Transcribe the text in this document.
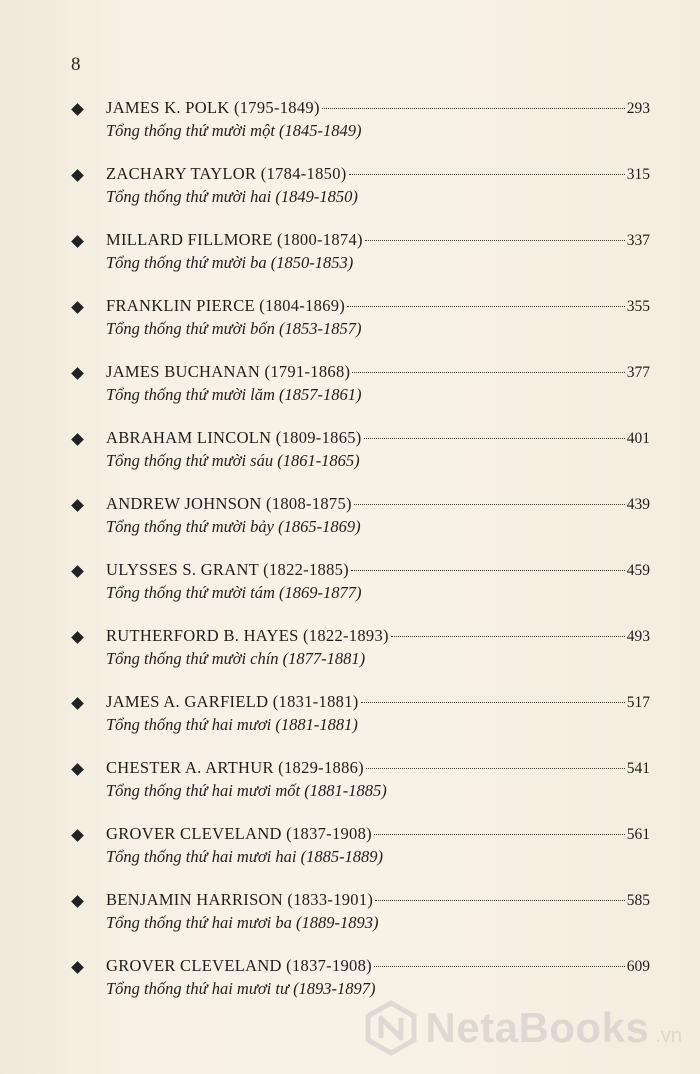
8
JAMES K. POLK (1795-1849)	293
Tổng thống thứ mười một (1845-1849)
ZACHARY TAYLOR (1784-1850)	315
Tổng thống thứ mười hai (1849-1850)
MILLARD FILLMORE (1800-1874)	337
Tổng thống thứ mười ba (1850-1853)
FRANKLIN PIERCE (1804-1869)	355
Tổng thống thứ mười bốn (1853-1857)
JAMES BUCHANAN (1791-1868)	377
Tổng thống thứ mười lăm (1857-1861)
ABRAHAM LINCOLN (1809-1865)	401
Tổng thống thứ mười sáu (1861-1865)
ANDREW JOHNSON (1808-1875)	439
Tổng thống thứ mười bảy (1865-1869)
ULYSSES S. GRANT (1822-1885)	459
Tổng thống thứ mười tám (1869-1877)
RUTHERFORD B. HAYES (1822-1893)	493
Tổng thống thứ mười chín (1877-1881)
JAMES A. GARFIELD (1831-1881)	517
Tổng thống thứ hai mươi (1881-1881)
CHESTER A. ARTHUR (1829-1886)	541
Tổng thống thứ hai mươi mốt (1881-1885)
GROVER CLEVELAND (1837-1908)	561
Tổng thống thứ hai mươi hai (1885-1889)
BENJAMIN HARRISON (1833-1901)	585
Tổng thống thứ hai mươi ba (1889-1893)
GROVER CLEVELAND (1837-1908)	609
Tổng thống thứ hai mươi tư (1893-1897)
NetaBooks .vn
